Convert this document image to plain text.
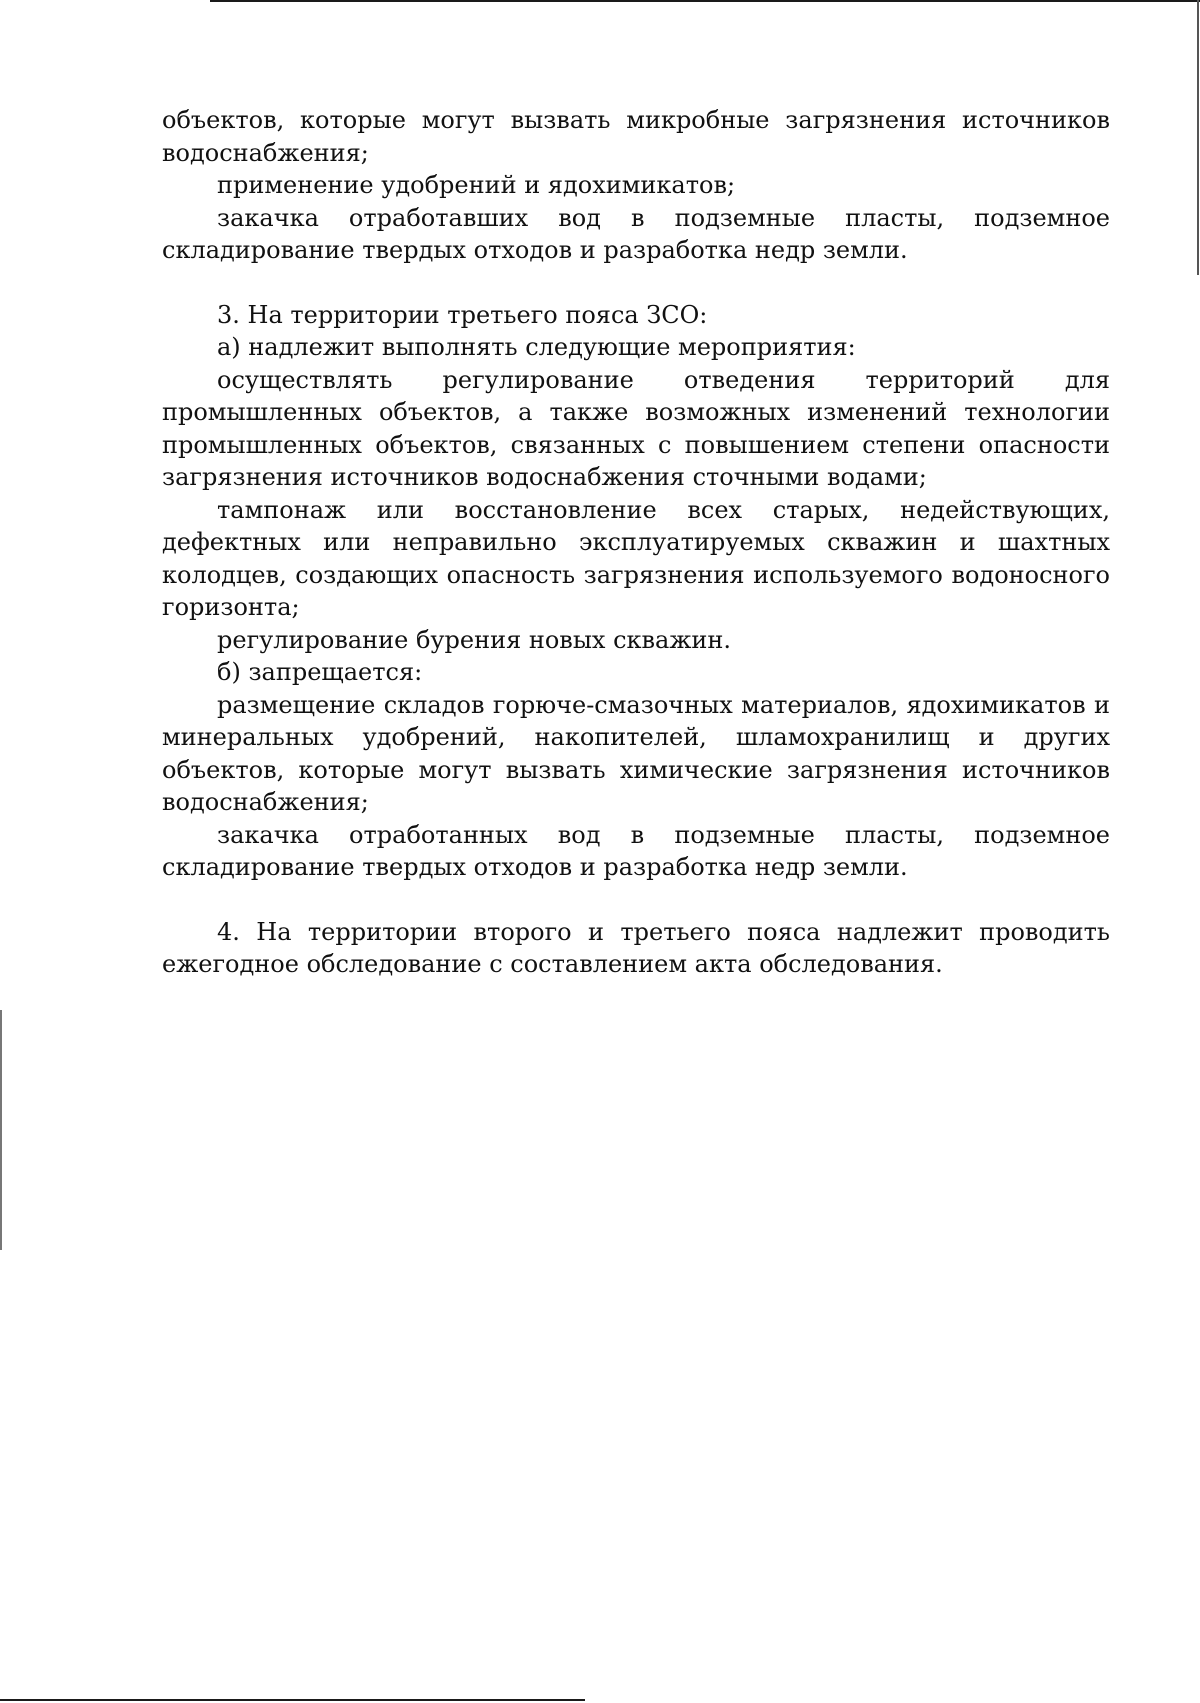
объектов, которые могут вызвать микробные загрязнения источников водоснабжения;

применение удобрений и ядохимикатов;

закачка отработавших вод в подземные пласты, подземное складирование твердых отходов и разработка недр земли.

3. На территории третьего пояса ЗСО:

а) надлежит выполнять следующие мероприятия:

осуществлять регулирование отведения территорий для промышленных объектов, а также возможных изменений технологии промышленных объектов, связанных с повышением степени опасности загрязнения источников водоснабжения сточными водами;

тампонаж или восстановление всех старых, недействующих, дефектных или неправильно эксплуатируемых скважин и шахтных колодцев, создающих опасность загрязнения используемого водоносного горизонта;

регулирование бурения новых скважин.

б) запрещается:

размещение складов горюче-смазочных материалов, ядохимикатов и минеральных удобрений, накопителей, шламохранилищ и других объектов, которые могут вызвать химические загрязнения источников водоснабжения;

закачка отработанных вод в подземные пласты, подземное складирование твердых отходов и разработка недр земли.

4. На территории второго и третьего пояса надлежит проводить ежегодное обследование с составлением акта обследования.
